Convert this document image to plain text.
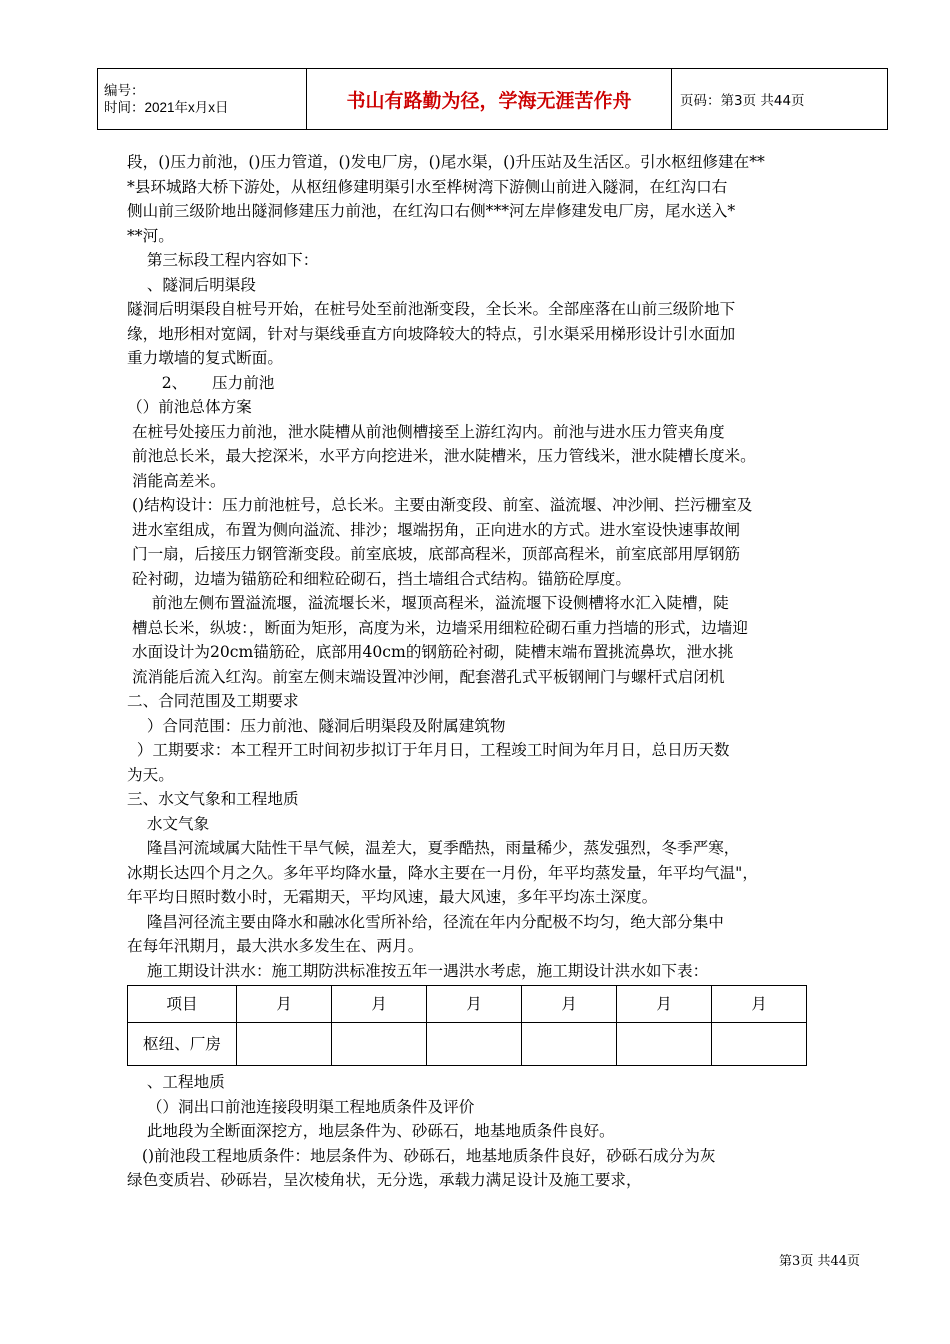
编号：
时间：2021年x月x日	书山有路勤为径，学海无涯苦作舟	页码：第3页 共44页

段，()压力前池，()压力管道，()发电厂房，()尾水渠，()升压站及生活区。引水枢纽修建在**

*县环城路大桥下游处，从枢纽修建明渠引水至桦树湾下游侧山前进入隧洞，在红沟口右

侧山前三级阶地出隧洞修建压力前池，在红沟口右侧***河左岸修建发电厂房，尾水送入*

**河。

第三标段工程内容如下：

、隧洞后明渠段

隧洞后明渠段自桩号开始，在桩号处至前池渐变段，全长米。全部座落在山前三级阶地下

缘，地形相对宽阔，针对与渠线垂直方向坡降较大的特点，引水渠采用梯形设计引水面加

重力墩墙的复式断面。

2、     压力前池

（）前池总体方案

在桩号处接压力前池，泄水陡槽从前池侧槽接至上游红沟内。前池与进水压力管夹角度

前池总长米，最大挖深米，水平方向挖进米，泄水陡槽米，压力管线米，泄水陡槽长度米。

消能高差米。

()结构设计：压力前池桩号，总长米。主要由渐变段、前室、溢流堰、冲沙闸、拦污栅室及

进水室组成，布置为侧向溢流、排沙；堰端拐角，正向进水的方式。进水室设快速事故闸

门一扇，后接压力钢管渐变段。前室底坡，底部高程米，顶部高程米，前室底部用厚钢筋

砼衬砌，边墙为锚筋砼和细粒砼砌石，挡土墙组合式结构。锚筋砼厚度。

前池左侧布置溢流堰，溢流堰长米，堰顶高程米，溢流堰下设侧槽将水汇入陡槽，陡

槽总长米，纵坡：，断面为矩形，高度为米，边墙采用细粒砼砌石重力挡墙的形式，边墙迎

水面设计为20cm锚筋砼，底部用40cm的钢筋砼衬砌，陡槽末端布置挑流鼻坎，泄水挑

流消能后流入红沟。前室左侧末端设置冲沙闸，配套潜孔式平板钢闸门与螺杆式启闭机

二、合同范围及工期要求

）合同范围：压力前池、隧洞后明渠段及附属建筑物

）工期要求：本工程开工时间初步拟订于年月日，工程竣工时间为年月日，总日历天数

为天。

三、水文气象和工程地质

水文气象

隆昌河流域属大陆性干旱气候，温差大，夏季酷热，雨量稀少，蒸发强烈，冬季严寒，

冰期长达四个月之久。多年平均降水量，降水主要在一月份，年平均蒸发量，年平均气温"，

年平均日照时数小时，无霜期天，平均风速，最大风速，多年平均冻土深度。

隆昌河径流主要由降水和融冰化雪所补给，径流在年内分配极不均匀，绝大部分集中

在每年汛期月，最大洪水多发生在、两月。

施工期设计洪水：施工期防洪标准按五年一遇洪水考虑，施工期设计洪水如下表：

项目	月	月	月	月	月	月
枢纽、厂房						

、工程地质

（）洞出口前池连接段明渠工程地质条件及评价

此地段为全断面深挖方，地层条件为、砂砾石，地基地质条件良好。

()前池段工程地质条件：地层条件为、砂砾石，地基地质条件良好，砂砾石成分为灰

绿色变质岩、砂砾岩，呈次棱角状，无分选，承载力满足设计及施工要求，

第3页 共44页
